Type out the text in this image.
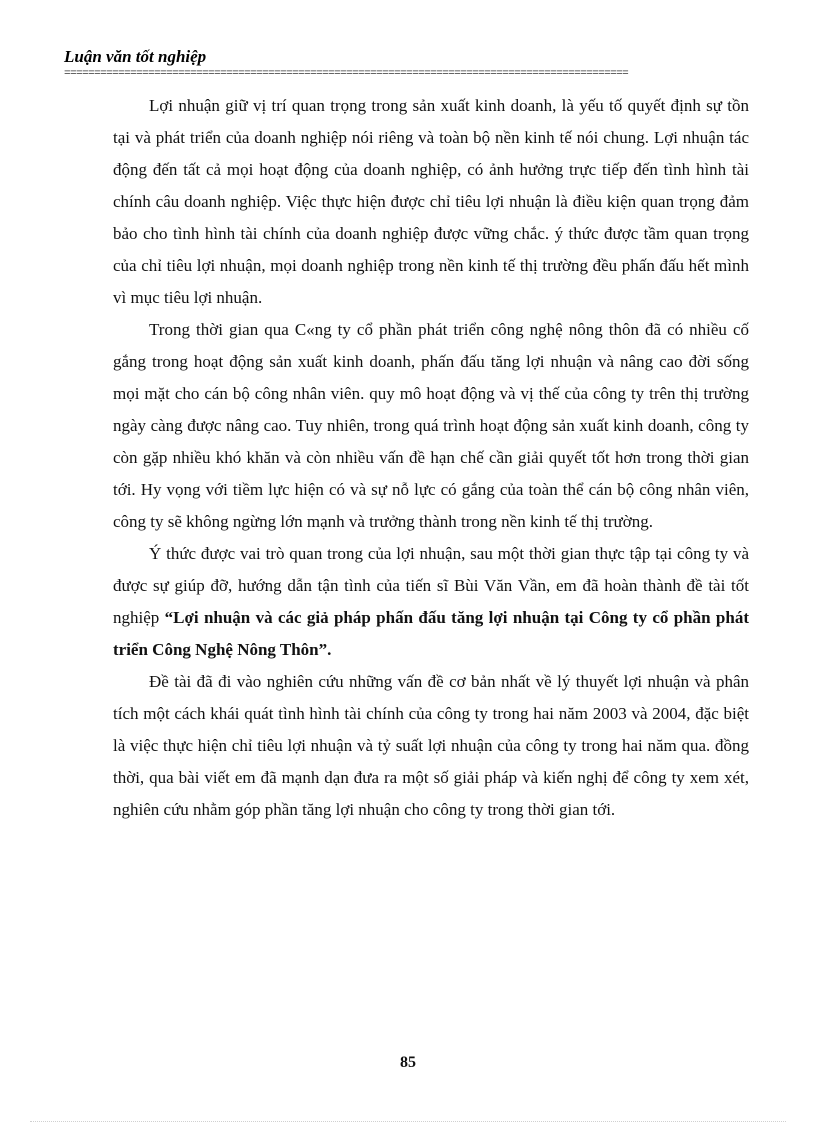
Luận văn tốt nghiệp
==============================================================================================

Lợi nhuận giữ vị trí quan trọng trong sản xuất kinh doanh, là yếu tố quyết định sự tồn tại và phát triển của doanh nghiệp nói riêng và toàn bộ nền kinh tế nói chung. Lợi nhuận tác động đến tất cả mọi hoạt động của doanh nghiệp, có ảnh hưởng trực tiếp đến tình hình tài chính câu doanh nghiệp. Việc thực hiện được chỉ tiêu lợi nhuận là điều kiện quan trọng đảm bảo cho tình hình tài chính của doanh nghiệp được vững chắc. ý thức được tầm quan trọng của chỉ tiêu lợi nhuận, mọi doanh nghiệp trong nền kinh tế thị trường đều phấn đấu hết mình vì mục tiêu lợi nhuận.

Trong thời gian qua C«ng ty cổ phần phát triển công nghệ nông thôn đã có nhiều cố gắng trong hoạt động sản xuất kinh doanh, phấn đấu tăng lợi nhuận và nâng cao đời sống mọi mặt cho cán bộ công nhân viên. quy mô hoạt động và vị thế của công ty trên thị trường ngày càng được nâng cao. Tuy nhiên, trong quá trình hoạt động sản xuất kinh doanh, công ty còn gặp nhiều khó khăn và còn nhiều vấn đề hạn chế cần giải quyết tốt hơn trong thời gian tới. Hy vọng với tiềm lực hiện có và sự nỗ lực có gắng của toàn thể cán bộ công nhân viên, công ty sẽ không ngừng lớn mạnh và trưởng thành trong nền kinh tế thị trường.

Ý thức được vai trò quan trong của lợi nhuận, sau một thời gian thực tập tại công ty và được sự giúp đỡ, hướng dẫn tận tình của tiến sĩ Bùi Văn Vần, em đã hoàn thành đề tài tốt nghiệp “Lợi nhuận và các giả pháp phấn đấu tăng lợi nhuận tại Công ty cổ phần phát triển Công Nghệ Nông Thôn”.

Đề tài đã đi vào nghiên cứu những vấn đề cơ bản nhất về lý thuyết lợi nhuận và phân tích một cách khái quát tình hình tài chính của công ty trong hai năm 2003 và 2004, đặc biệt là việc thực hiện chỉ tiêu lợi nhuận và tỷ suất lợi nhuận của công ty trong hai năm qua. đồng thời, qua bài viết em đã mạnh dạn đưa ra một số giải pháp và kiến nghị để công ty xem xét, nghiên cứu nhằm góp phần tăng lợi nhuận cho công ty trong thời gian tới.

85
